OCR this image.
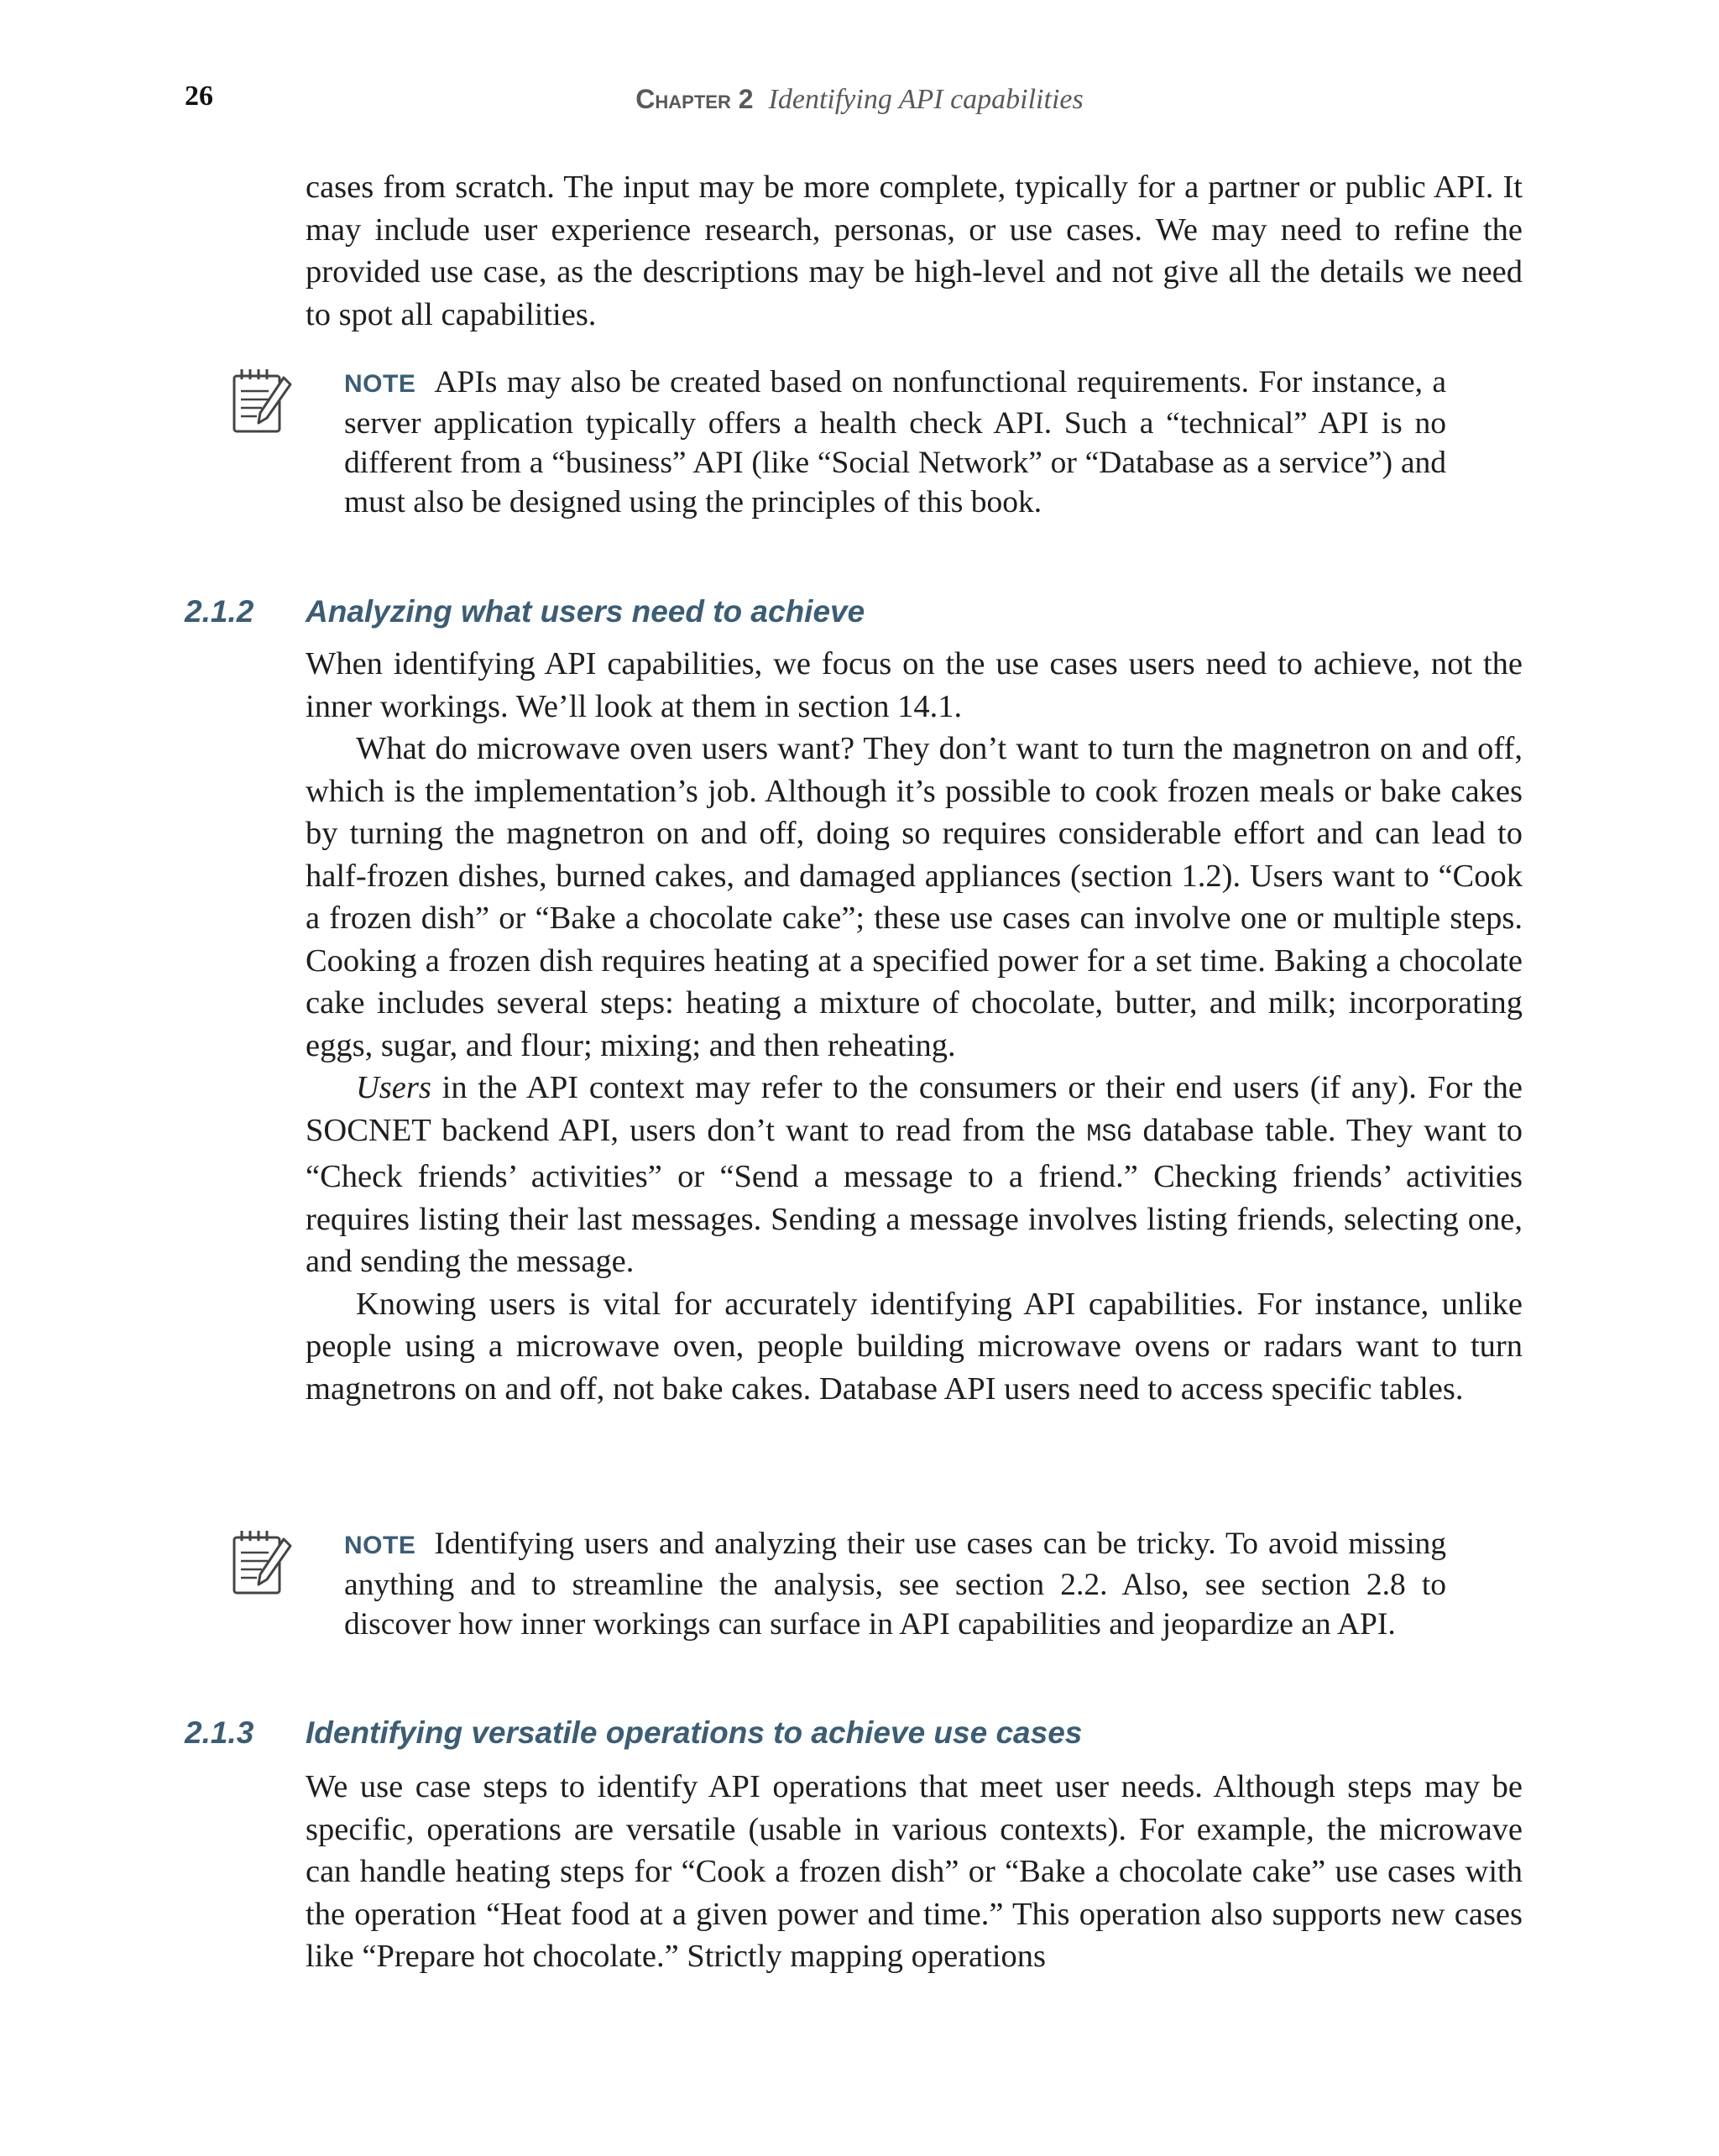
26	Chapter 2 Identifying API capabilities

cases from scratch. The input may be more complete, typically for a partner or public API. It may include user experience research, personas, or use cases. We may need to refine the provided use case, as the descriptions may be high-level and not give all the details we need to spot all capabilities.

NOTE APIs may also be created based on nonfunctional requirements. For instance, a server application typically offers a health check API. Such a “technical” API is no different from a “business” API (like “Social Network” or “Database as a service”) and must also be designed using the principles of this book.
2.1.2 Analyzing what users need to achieve

When identifying API capabilities, we focus on the use cases users need to achieve, not the inner workings. We’ll look at them in section 14.1.

What do microwave oven users want? They don’t want to turn the magnetron on and off, which is the implementation’s job. Although it’s possible to cook frozen meals or bake cakes by turning the magnetron on and off, doing so requires considerable effort and can lead to half-frozen dishes, burned cakes, and damaged appliances (section 1.2). Users want to “Cook a frozen dish” or “Bake a chocolate cake”; these use cases can involve one or multiple steps. Cooking a frozen dish requires heating at a specified power for a set time. Baking a chocolate cake includes several steps: heating a mixture of chocolate, butter, and milk; incorporating eggs, sugar, and flour; mixing; and then reheating.

Users in the API context may refer to the consumers or their end users (if any). For the SOCNET backend API, users don’t want to read from the MSG database table. They want to “Check friends’ activities” or “Send a message to a friend.” Checking friends’ activities requires listing their last messages. Sending a message involves listing friends, selecting one, and sending the message.

Knowing users is vital for accurately identifying API capabilities. For instance, unlike people using a microwave oven, people building microwave ovens or radars want to turn magnetrons on and off, not bake cakes. Database API users need to access specific tables.

NOTE Identifying users and analyzing their use cases can be tricky. To avoid missing anything and to streamline the analysis, see section 2.2. Also, see section 2.8 to discover how inner workings can surface in API capabilities and jeopardize an API.
2.1.3 Identifying versatile operations to achieve use cases

We use case steps to identify API operations that meet user needs. Although steps may be specific, operations are versatile (usable in various contexts). For example, the microwave can handle heating steps for “Cook a frozen dish” or “Bake a chocolate cake” use cases with the operation “Heat food at a given power and time.” This operation also supports new cases like “Prepare hot chocolate.” Strictly mapping operations
